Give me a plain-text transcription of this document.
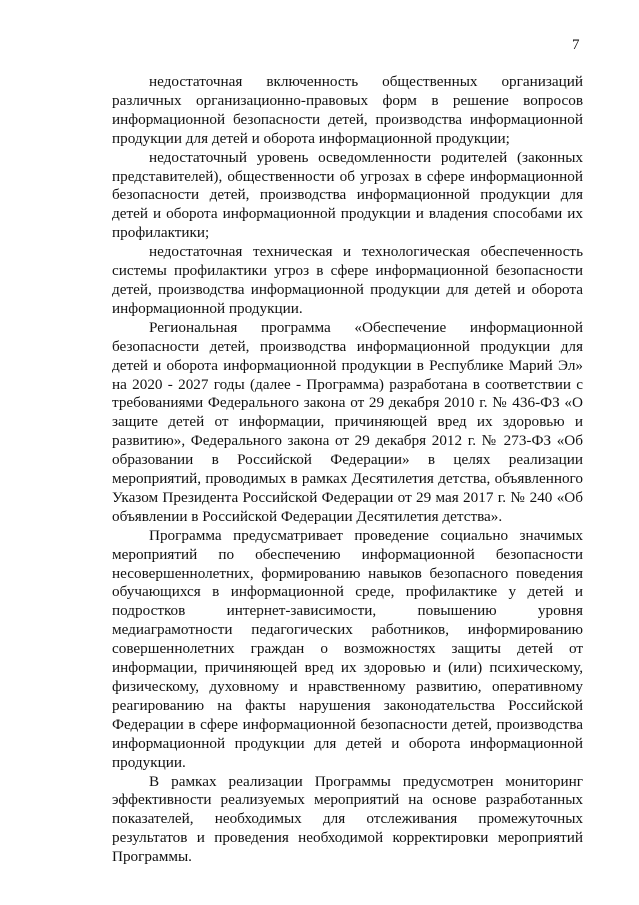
7

недостаточная включенность общественных организаций различных организационно-правовых форм в решение вопросов информационной безопасности детей, производства информационной продукции для детей и оборота информационной продукции;

недостаточный уровень осведомленности родителей (законных представителей), общественности об угрозах в сфере информационной безопасности детей, производства информационной продукции для детей и оборота информационной продукции и владения способами их профилактики;

недостаточная техническая и технологическая обеспеченность системы профилактики угроз в сфере информационной безопасности детей, производства информационной продукции для детей и оборота информационной продукции.

Региональная программа «Обеспечение информационной безопасности детей, производства информационной продукции для детей и оборота информационной продукции в Республике Марий Эл» на 2020 - 2027 годы (далее - Программа) разработана в соответствии с требованиями Федерального закона от 29 декабря 2010 г. № 436-ФЗ «О защите детей от информации, причиняющей вред их здоровью и развитию», Федерального закона от 29 декабря 2012 г. № 273-ФЗ «Об образовании в Российской Федерации» в целях реализации мероприятий, проводимых в рамках Десятилетия детства, объявленного Указом Президента Российской Федерации от 29 мая 2017 г. № 240 «Об объявлении в Российской Федерации Десятилетия детства».

Программа предусматривает проведение социально значимых мероприятий по обеспечению информационной безопасности несовершеннолетних, формированию навыков безопасного поведения обучающихся в информационной среде, профилактике у детей и подростков интернет-зависимости, повышению уровня медиаграмотности педагогических работников, информированию совершеннолетних граждан о возможностях защиты детей от информации, причиняющей вред их здоровью и (или) психическому, физическому, духовному и нравственному развитию, оперативному реагированию на факты нарушения законодательства Российской Федерации в сфере информационной безопасности детей, производства информационной продукции для детей и оборота информационной продукции.

В рамках реализации Программы предусмотрен мониторинг эффективности реализуемых мероприятий на основе разработанных показателей, необходимых для отслеживания промежуточных результатов и проведения необходимой корректировки мероприятий Программы.
